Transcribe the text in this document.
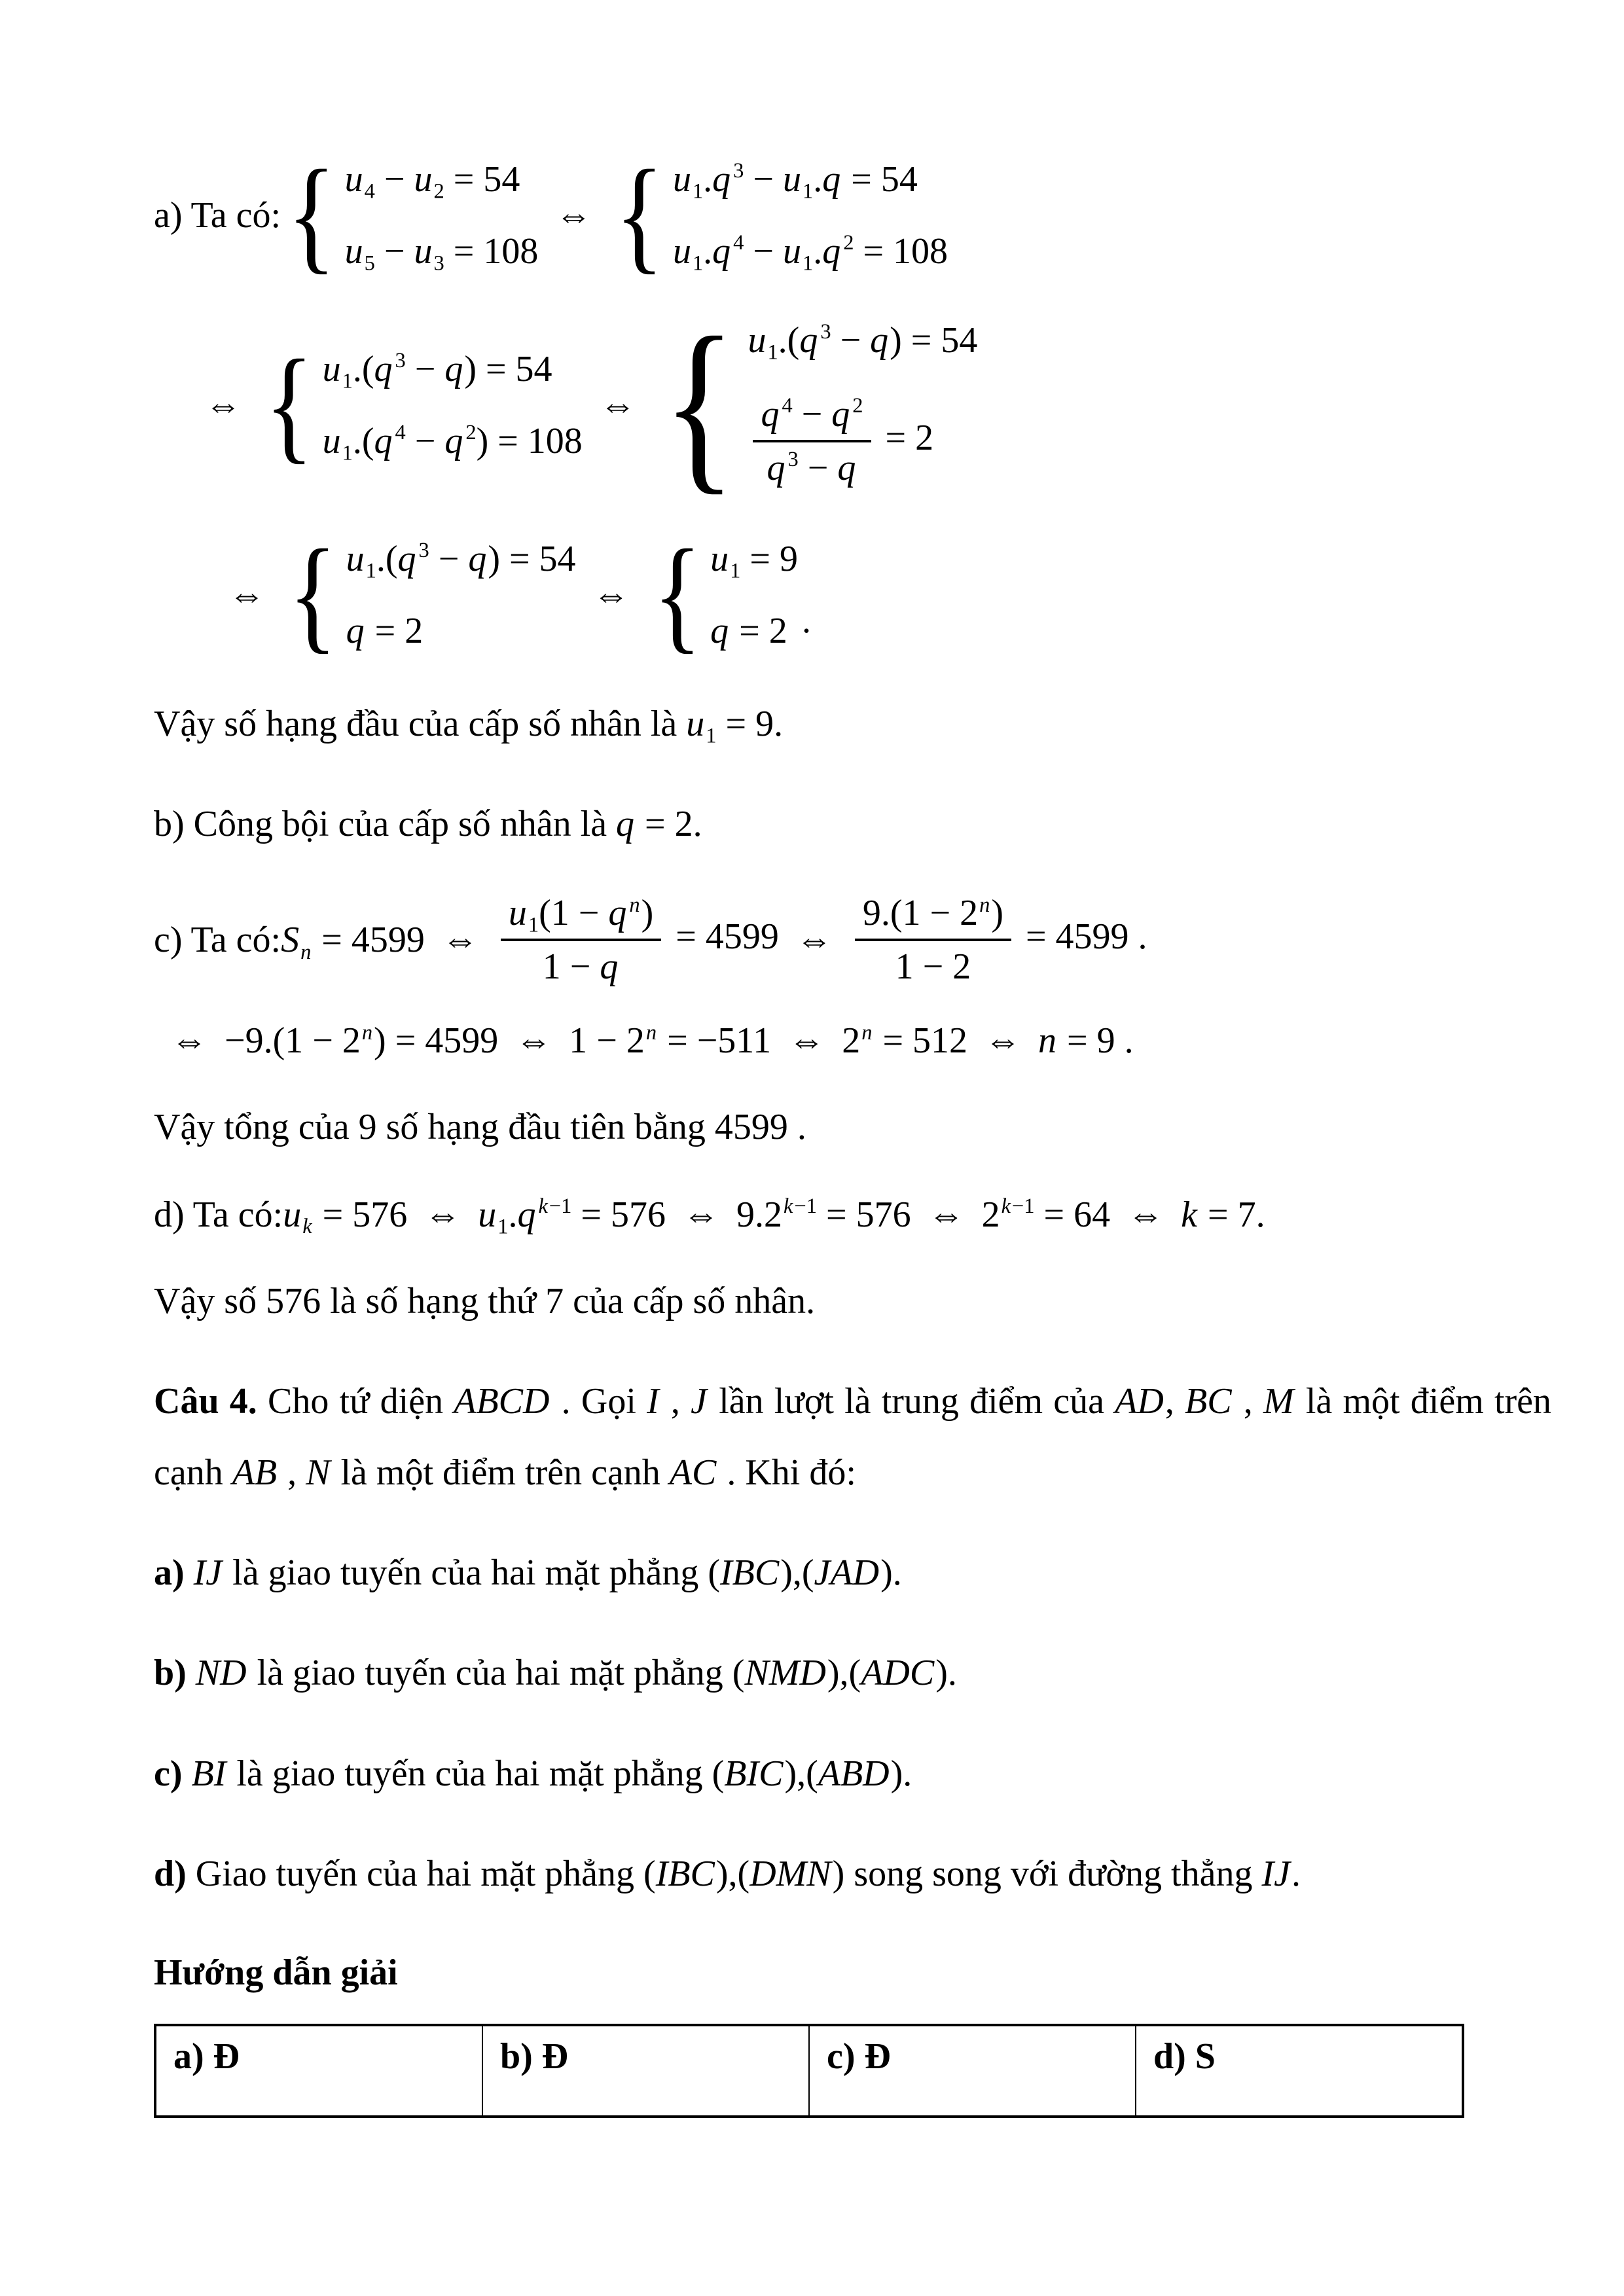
a) Ta có: { $u_4 - u_2 = 54$
$u_5 - u_3 = 108$
⇔ { $u_1.q$ $^3 - u_1.q = 54$
$u_1.q$ $^4 - u_1.q$ $^2$ = 108
⇔ { $u_1.(q$ $^3$ − q) = 54
$u_1.(q$ $^4$ − q $^2$) = 108
⇔ { $u_1.(q$ $^3$ − q) = 54
$\frac{q ^4 - q ^2}{q ^3 - q} = 2$
⇔ { $u_1.(q$ $^3$ − q) = 54
q = 2
⇔ { $u_1 = 9$
q = 2 .
Vậy số hạng đầu của cấp số nhân là $u_1 = 9$.
b) Công bội của cấp số nhân là q = 2.
c) Ta có: $S_n = 4599$ ⇔ $\frac{u_1(1 - q ^n)}{1 - q} = 4599$ ⇔ $\frac{9.(1 - 2^n)}{1 - 2} = 4599$ .
⇔ $-9.(1 - 2^n) = 4599$ ⇔ $1 - 2^n = -511$ ⇔ $2^n = 512$ ⇔ n = 9 .
Vậy tổng của 9 số hạng đầu tiên bằng 4599 .
d) Ta có: $u_k = 576$ ⇔ $u_1.q$ $^{k-1}$ = 576 ⇔ $9.2^{k-1} = 576$ ⇔ $2^{k-1} = 64$ ⇔ k = 7.
Vậy số 576 là số hạng thứ 7 của cấp số nhân.
Câu 4. Cho tứ diện ABCD . Gọi I , J lần lượt là trung điểm của AD, BC , M là một điểm trên cạnh AB , N là một điểm trên cạnh AC . Khi đó:
a) IJ là giao tuyến của hai mặt phẳng (IBC),(JAD).
b) ND là giao tuyến của hai mặt phẳng (NMD),(ADC).
c) BI là giao tuyến của hai mặt phẳng (BIC),(ABD).
d) Giao tuyến của hai mặt phẳng (IBC),(DMN) song song với đường thẳng IJ.
Hướng dẫn giải
a) Đ	b) Đ	c) Đ	d) S
